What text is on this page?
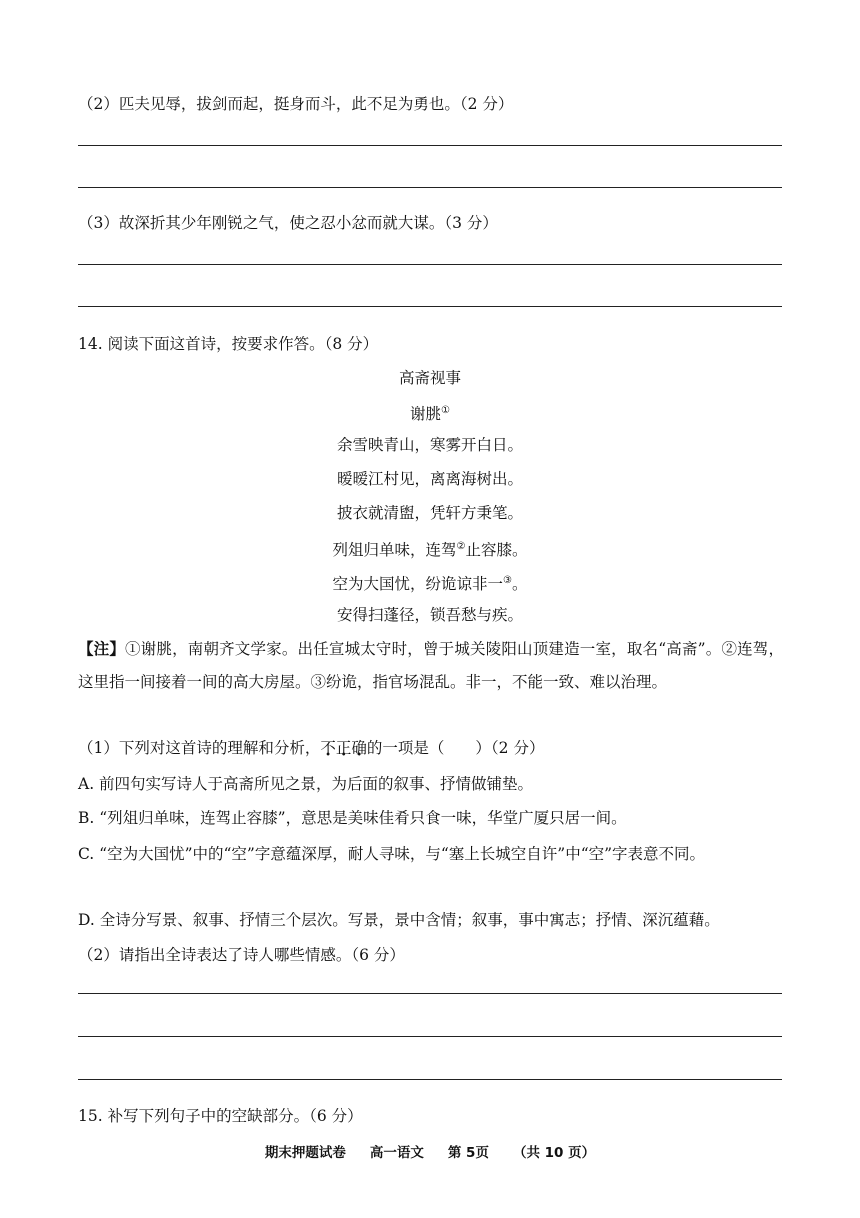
（2）匹夫见辱，拔剑而起，挺身而斗，此不足为勇也。（2 分）
（3）故深折其少年刚锐之气，使之忍小忿而就大谋。（3 分）
14. 阅读下面这首诗，按要求作答。（8 分）
高斋视事
谢朓①
余雪映青山，寒雾开白日。
暧暧江村见，离离海树出。
披衣就清盥，凭轩方秉笔。
列俎归单味，连驾②止容膝。
空为大国忧，纷诡谅非一③。
安得扫蓬径，锁吾愁与疾。
【注】①谢朓，南朝齐文学家。出任宣城太守时，曾于城关陵阳山顶建造一室，取名“高斋”。②连驾，这里指一间接着一间的高大房屋。③纷诡，指官场混乱。非一，不能一致、难以治理。
（1）下列对这首诗的理解和分析，不正确的一项是（　　）（2 分）
A. 前四句实写诗人于高斋所见之景，为后面的叙事、抒情做铺垫。
B. “列俎归单味，连驾止容膝”，意思是美味佳肴只食一味，华堂广厦只居一间。
C. “空为大国忧”中的“空”字意蕴深厚，耐人寻味，与“塞上长城空自许”中“空”字表意不同。
D. 全诗分写景、叙事、抒情三个层次。写景，景中含情；叙事，事中寓志；抒情、深沉蕴藉。
（2）请指出全诗表达了诗人哪些情感。（6 分）
15. 补写下列句子中的空缺部分。（6 分）
期末押题试卷 高一语文 第 5页 （共 10 页）
